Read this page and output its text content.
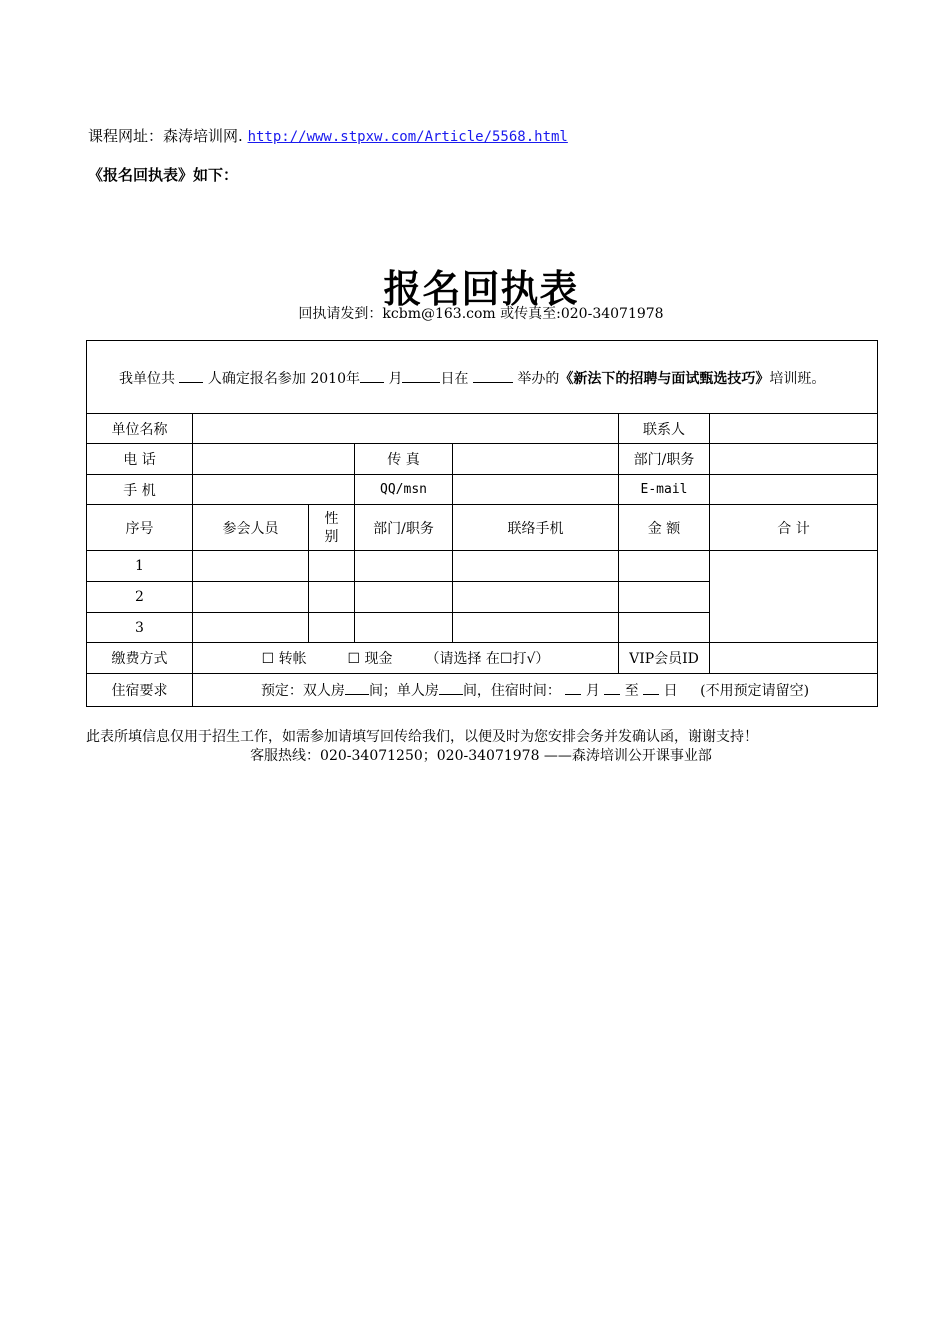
课程网址：森涛培训网. http://www.stpxw.com/Article/5568.html
《报名回执表》如下：
报名回执表
回执请发到：kcbm@163.com 或传真至:020-34071978
我单位共 人确定报名参加 2010年 月 日在 举办的《新法下的招聘与面试甄选技巧》培训班。						
单位名称					联系人	
电 话			传 真		部门/职务	
手 机			QQ/msn		E-mail	
序号	参会人员	性别	部门/职务	联络手机	金 额	合 计
1						
2						
3						
缴费方式	☐ 转帐 ☐ 现金 （请选择 在☐打√）				VIP会员ID	
住宿要求	预定：双人房 间；单人房 间，住宿时间： 月 至 日 (不用预定请留空)					
此表所填信息仅用于招生工作，如需参加请填写回传给我们，以便及时为您安排会务并发确认函，谢谢支持！
客服热线：020-34071250；020-34071978 ——森涛培训公开课事业部
